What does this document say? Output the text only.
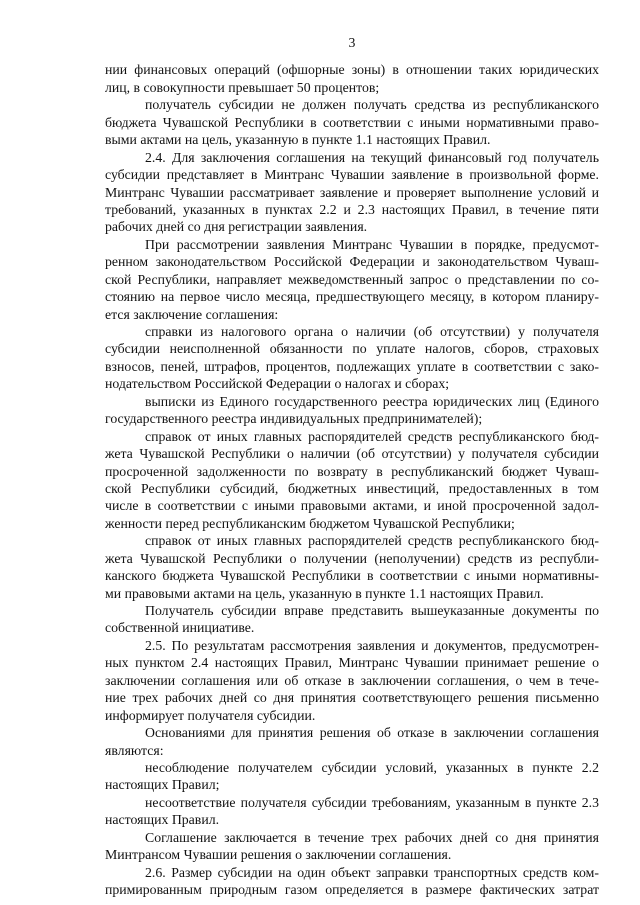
3
нии финансовых операций (офшорные зоны) в отношении таких юридических
лиц, в совокупности превышает 50 процентов;
получатель субсидии не должен получать средства из республиканского
бюджета Чувашской Республики в соответствии с иными нормативными право-
выми актами на цель, указанную в пункте 1.1 настоящих Правил.
2.4. Для заключения соглашения на текущий финансовый год получатель
субсидии представляет в Минтранс Чувашии заявление в произвольной форме.
Минтранс Чувашии рассматривает заявление и проверяет выполнение условий и
требований, указанных в пунктах 2.2 и 2.3 настоящих Правил, в течение пяти
рабочих дней со дня регистрации заявления.
При рассмотрении заявления Минтранс Чувашии в порядке, предусмот-
ренном законодательством Российской Федерации и законодательством Чуваш-
ской Республики, направляет межведомственный запрос о представлении по со-
стоянию на первое число месяца, предшествующего месяцу, в котором планиру-
ется заключение соглашения:
справки из налогового органа о наличии (об отсутствии) у получателя
субсидии неисполненной обязанности по уплате налогов, сборов, страховых
взносов, пеней, штрафов, процентов, подлежащих уплате в соответствии с зако-
нодательством Российской Федерации о налогах и сборах;
выписки из Единого государственного реестра юридических лиц (Единого
государственного реестра индивидуальных предпринимателей);
справок от иных главных распорядителей средств республиканского бюд-
жета Чувашской Республики о наличии (об отсутствии) у получателя субсидии
просроченной задолженности по возврату в республиканский бюджет Чуваш-
ской Республики субсидий, бюджетных инвестиций, предоставленных в том
числе в соответствии с иными правовыми актами, и иной просроченной задол-
женности перед республиканским бюджетом Чувашской Республики;
справок от иных главных распорядителей средств республиканского бюд-
жета Чувашской Республики о получении (неполучении) средств из республи-
канского бюджета Чувашской Республики в соответствии с иными нормативны-
ми правовыми актами на цель, указанную в пункте 1.1 настоящих Правил.
Получатель субсидии вправе представить вышеуказанные документы по
собственной инициативе.
2.5. По результатам рассмотрения заявления и документов, предусмотрен-
ных пунктом 2.4 настоящих Правил, Минтранс Чувашии принимает решение о
заключении соглашения или об отказе в заключении соглашения, о чем в тече-
ние трех рабочих дней со дня принятия соответствующего решения письменно
информирует получателя субсидии.
Основаниями для принятия решения об отказе в заключении соглашения
являются:
несоблюдение получателем субсидии условий, указанных в пункте 2.2
настоящих Правил;
несоответствие получателя субсидии требованиям, указанным в пункте 2.3
настоящих Правил.
Соглашение заключается в течение трех рабочих дней со дня принятия
Минтрансом Чувашии решения о заключении соглашения.
2.6. Размер субсидии на один объект заправки транспортных средств ком-
примированным природным газом определяется в размере фактических затрат
